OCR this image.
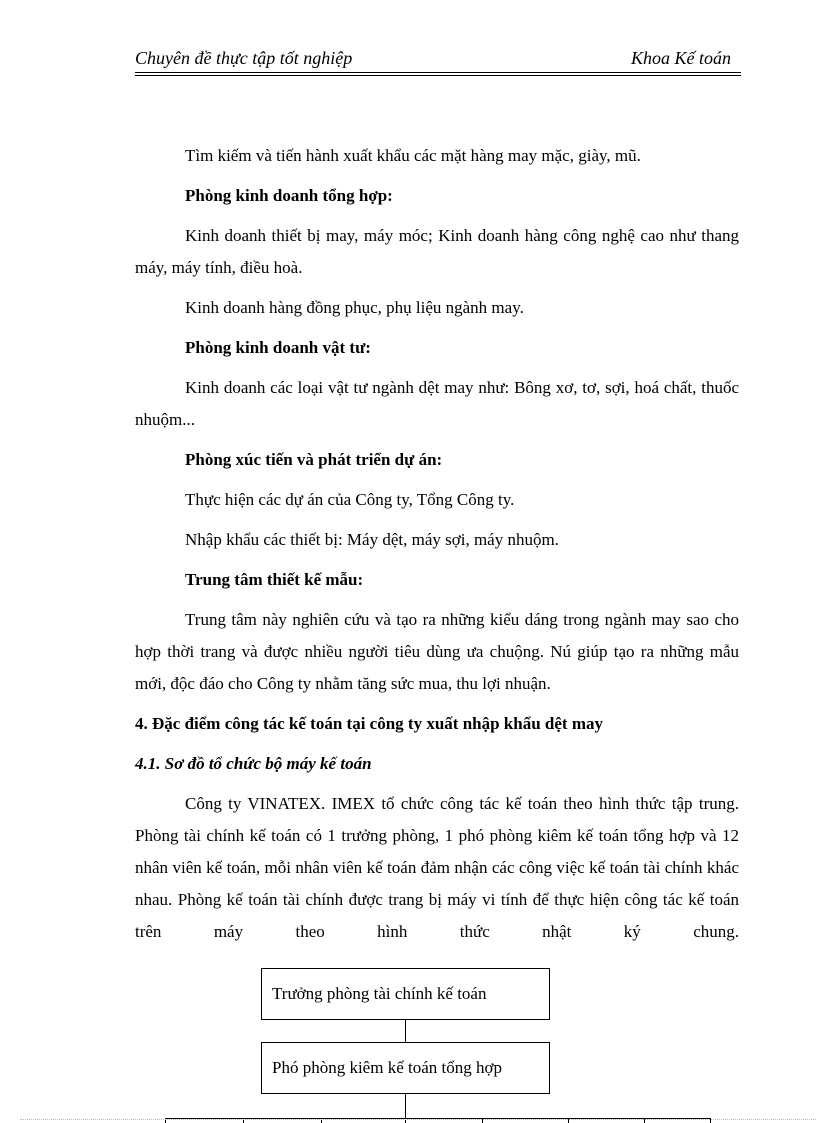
Chuyên đề thực tập tốt nghiệp	Khoa Kế toán

Tìm kiếm và tiến hành xuất khẩu các mặt hàng may mặc, giày, mũ.

Phòng kinh doanh tổng hợp:

Kinh doanh thiết bị may, máy móc; Kinh doanh hàng công nghệ cao như thang máy, máy tính, điều hoà.

Kinh doanh hàng đồng phục, phụ liệu ngành may.

Phòng kinh doanh vật tư:

Kinh doanh các loại vật tư ngành dệt may như: Bông xơ, tơ, sợi, hoá chất, thuốc nhuộm...

Phòng xúc tiến và phát triển dự án:

Thực hiện các dự án của Công ty, Tổng Công ty.

Nhập khẩu các thiết bị: Máy dệt, máy sợi, máy nhuộm.

Trung tâm thiết kế mẫu:

Trung tâm này nghiên cứu và tạo ra những kiểu dáng trong ngành may sao cho hợp thời trang và được nhiều người tiêu dùng ưa chuộng. Nú giúp tạo ra những mẫu mới, độc đáo cho Công ty nhằm tăng sức mua, thu lợi nhuận.

4. Đặc điểm công tác kế toán tại công ty xuất nhập khẩu dệt may

4.1. Sơ đồ tổ chức bộ máy kế toán

Công ty VINATEX. IMEX tổ chức công tác kế toán theo hình thức tập trung. Phòng tài chính kế toán có 1 trưởng phòng, 1 phó phòng kiêm kế toán tổng hợp và 12 nhân viên kế toán, mỗi nhân viên kế toán đảm nhận các công việc kế toán tài chính khác nhau. Phòng kế toán tài chính được trang bị máy vi tính để thực hiện công tác kế toán trên máy theo hình thức nhật ký chung.

Trưởng phòng tài chính kế toán
Phó phòng kiêm kế toán tổng hợp
